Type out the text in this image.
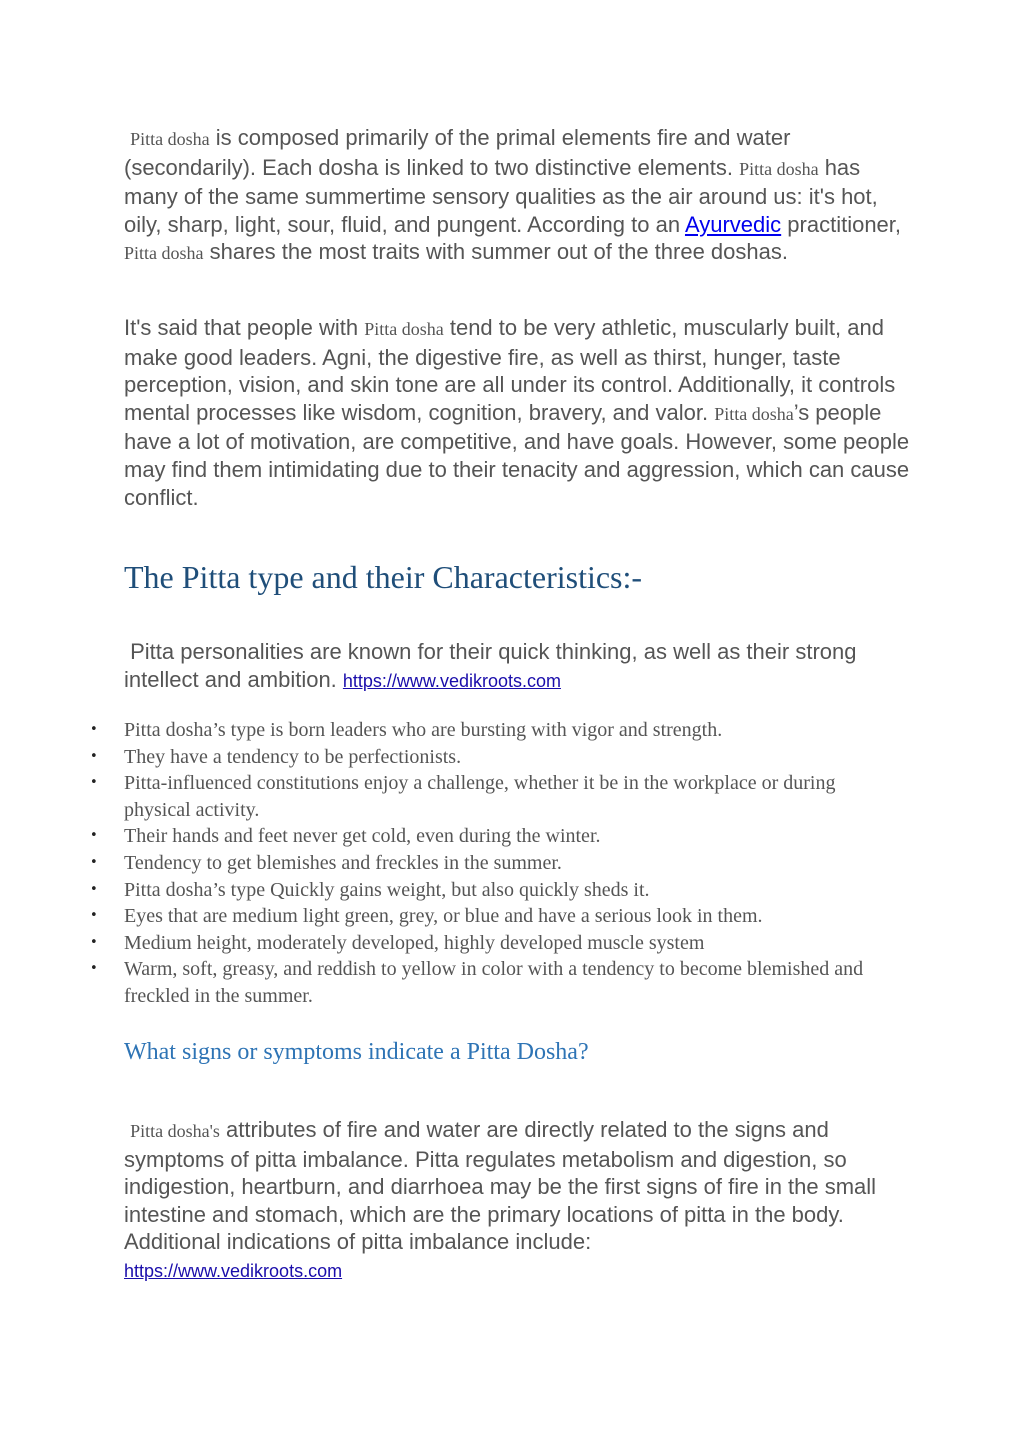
Pitta dosha is composed primarily of the primal elements fire and water (secondarily). Each dosha is linked to two distinctive elements. Pitta dosha has many of the same summertime sensory qualities as the air around us: it's hot, oily, sharp, light, sour, fluid, and pungent. According to an Ayurvedic practitioner, Pitta dosha shares the most traits with summer out of the three doshas.

It's said that people with Pitta dosha tend to be very athletic, muscularly built, and make good leaders. Agni, the digestive fire, as well as thirst, hunger, taste perception, vision, and skin tone are all under its control. Additionally, it controls mental processes like wisdom, cognition, bravery, and valor. Pitta dosha’s people have a lot of motivation, are competitive, and have goals. However, some people may find them intimidating due to their tenacity and aggression, which can cause conflict.

The Pitta type and their Characteristics:-

Pitta personalities are known for their quick thinking, as well as their strong intellect and ambition. https://www.vedikroots.com

• Pitta dosha’s type is born leaders who are bursting with vigor and strength.
• They have a tendency to be perfectionists.
• Pitta-influenced constitutions enjoy a challenge, whether it be in the workplace or during physical activity.
• Their hands and feet never get cold, even during the winter.
• Tendency to get blemishes and freckles in the summer.
• Pitta dosha’s type Quickly gains weight, but also quickly sheds it.
• Eyes that are medium light green, grey, or blue and have a serious look in them.
• Medium height, moderately developed, highly developed muscle system
• Warm, soft, greasy, and reddish to yellow in color with a tendency to become blemished and freckled in the summer.
What signs or symptoms indicate a Pitta Dosha?

Pitta dosha's attributes of fire and water are directly related to the signs and symptoms of pitta imbalance. Pitta regulates metabolism and digestion, so indigestion, heartburn, and diarrhoea may be the first signs of fire in the small intestine and stomach, which are the primary locations of pitta in the body. Additional indications of pitta imbalance include:
https://www.vedikroots.com
